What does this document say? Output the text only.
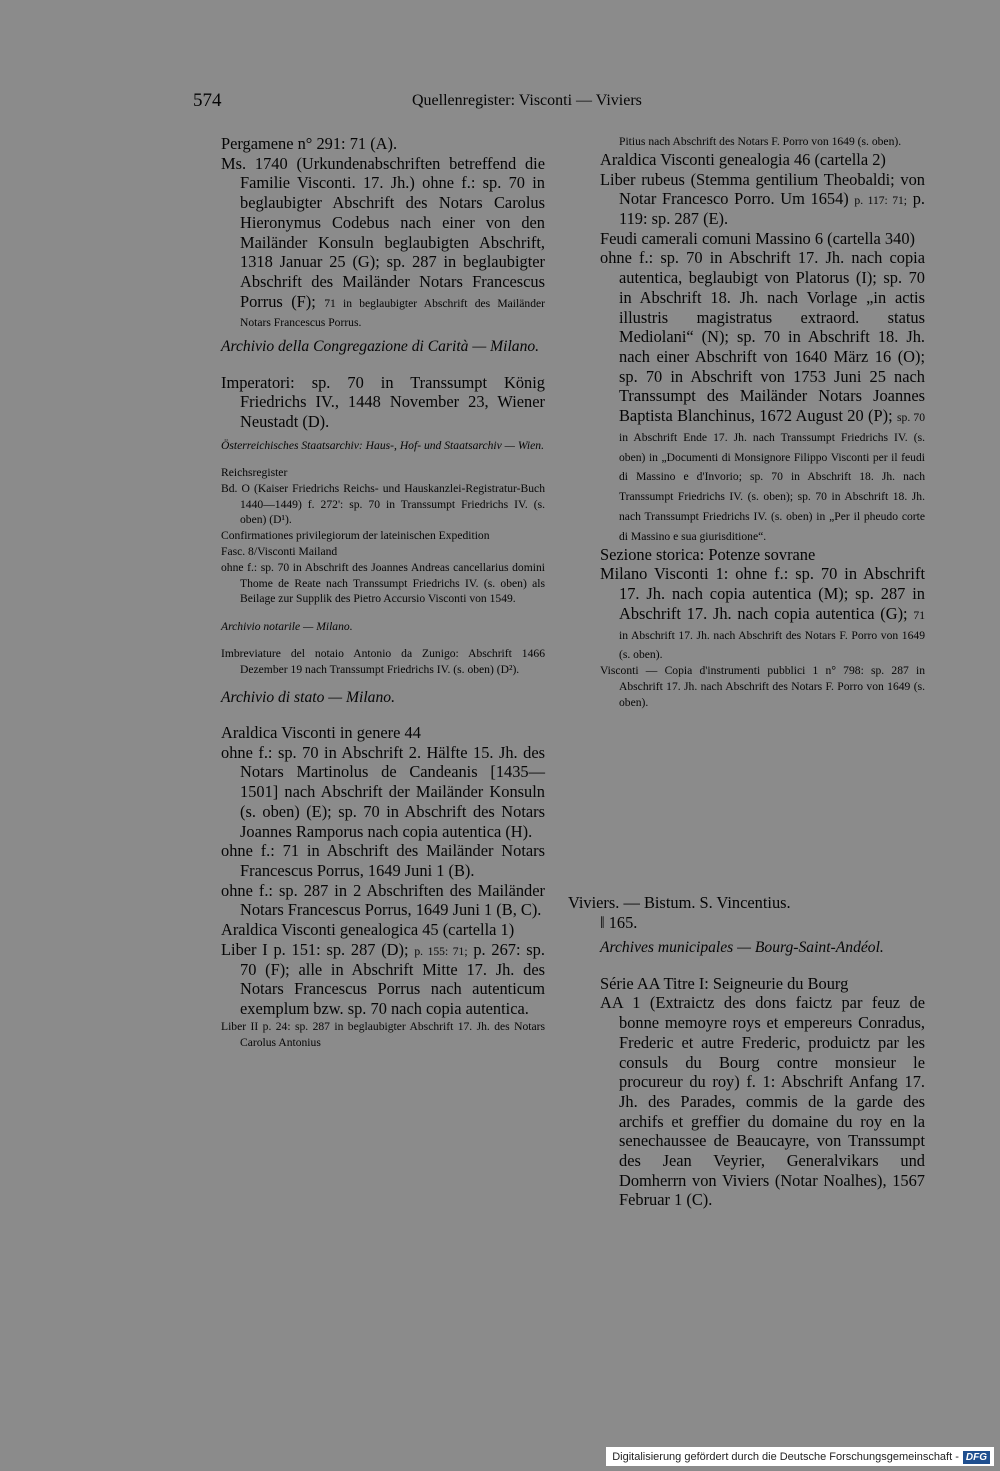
574	Quellenregister: Visconti — Viviers

Pergamene n° 291: 71 (A).

Ms. 1740 (Urkundenabschriften betreffend die Familie Visconti. 17. Jh.) ohne f.: sp. 70 in beglaubigter Abschrift des Notars Carolus Hieronymus Codebus nach einer von den Mailänder Konsuln beglaubigten Abschrift, 1318 Januar 25 (G); sp. 287 in beglaubigter Abschrift des Mailänder Notars Francescus Porrus (F); 71 in beglaubigter Abschrift des Mailänder Notars Francescus Porrus.

Archivio della Congregazione di Carità — Milano.

Imperatori: sp. 70 in Transsumpt König Friedrichs IV., 1448 November 23, Wiener Neustadt (D).

Österreichisches Staatsarchiv: Haus-, Hof- und Staatsarchiv — Wien.

Reichsregister

Bd. O (Kaiser Friedrichs Reichs- und Hauskanzlei-Registratur-Buch 1440—1449) f. 272': sp. 70 in Transsumpt Friedrichs IV. (s. oben) (D¹).

Confirmationes privilegiorum der lateinischen Expedition

Fasc. 8/Visconti Mailand

ohne f.: sp. 70 in Abschrift des Joannes Andreas cancellarius domini Thome de Reate nach Transsumpt Friedrichs IV. (s. oben) als Beilage zur Supplik des Pietro Accursio Visconti von 1549.

Archivio notarile — Milano.

Imbreviature del notaio Antonio da Zunigo: Abschrift 1466 Dezember 19 nach Transsumpt Friedrichs IV. (s. oben) (D²).

Archivio di stato — Milano.

Araldica Visconti in genere 44

ohne f.: sp. 70 in Abschrift 2. Hälfte 15. Jh. des Notars Martinolus de Candeanis [1435—1501] nach Abschrift der Mailänder Konsuln (s. oben) (E); sp. 70 in Abschrift des Notars Joannes Ramporus nach copia autentica (H).

ohne f.: 71 in Abschrift des Mailänder Notars Francescus Porrus, 1649 Juni 1 (B).

ohne f.: sp. 287 in 2 Abschriften des Mailänder Notars Francescus Porrus, 1649 Juni 1 (B, C).

Araldica Visconti genealogica 45 (cartella 1)

Liber I p. 151: sp. 287 (D); p. 155: 71; p. 267: sp. 70 (F); alle in Abschrift Mitte 17. Jh. des Notars Francescus Porrus nach autenticum exemplum bzw. sp. 70 nach copia autentica.

Liber II p. 24: sp. 287 in beglaubigter Abschrift 17. Jh. des Notars Carolus Antonius

Pitius nach Abschrift des Notars F. Porro von 1649 (s. oben).

Araldica Visconti genealogia 46 (cartella 2)

Liber rubeus (Stemma gentilium Theobaldi; von Notar Francesco Porro. Um 1654) p. 117: 71; p. 119: sp. 287 (E).

Feudi camerali comuni Massino 6 (cartella 340)

ohne f.: sp. 70 in Abschrift 17. Jh. nach copia autentica, beglaubigt von Platorus (I); sp. 70 in Abschrift 18. Jh. nach Vorlage „in actis illustris magistratus extraord. status Mediolani“ (N); sp. 70 in Abschrift 18. Jh. nach einer Abschrift von 1640 März 16 (O); sp. 70 in Abschrift von 1753 Juni 25 nach Transsumpt des Mailänder Notars Joannes Baptista Blanchinus, 1672 August 20 (P); sp. 70 in Abschrift Ende 17. Jh. nach Transsumpt Friedrichs IV. (s. oben) in „Documenti di Monsignore Filippo Visconti per il feudi di Massino e d'Invorio; sp. 70 in Abschrift 18. Jh. nach Transsumpt Friedrichs IV. (s. oben); sp. 70 in Abschrift 18. Jh. nach Transsumpt Friedrichs IV. (s. oben) in „Per il pheudo corte di Massino e sua giurisditione“.

Sezione storica: Potenze sovrane

Milano Visconti 1: ohne f.: sp. 70 in Abschrift 17. Jh. nach copia autentica (M); sp. 287 in Abschrift 17. Jh. nach copia autentica (G); 71 in Abschrift 17. Jh. nach Abschrift des Notars F. Porro von 1649 (s. oben).

Visconti — Copia d'instrumenti pubblici 1 n° 798: sp. 287 in Abschrift 17. Jh. nach Abschrift des Notars F. Porro von 1649 (s. oben).

Viviers. — Bistum. S. Vincentius.

‖ 165.

Archives municipales — Bourg-Saint-Andéol.

Série AA Titre I: Seigneurie du Bourg

AA 1 (Extraictz des dons faictz par feuz de bonne memoyre roys et empereurs Conradus, Frederic et autre Frederic, produictz par les consuls du Bourg contre monsieur le procureur du roy) f. 1: Abschrift Anfang 17. Jh. des Parades, commis de la garde des archifs et greffier du domaine du roy en la senechaussee de Beaucayre, von Transsumpt des Jean Veyrier, Generalvikars und Domherrn von Viviers (Notar Noalhes), 1567 Februar 1 (C).

Digitalisierung gefördert durch die Deutsche Forschungsgemeinschaft - DFG
